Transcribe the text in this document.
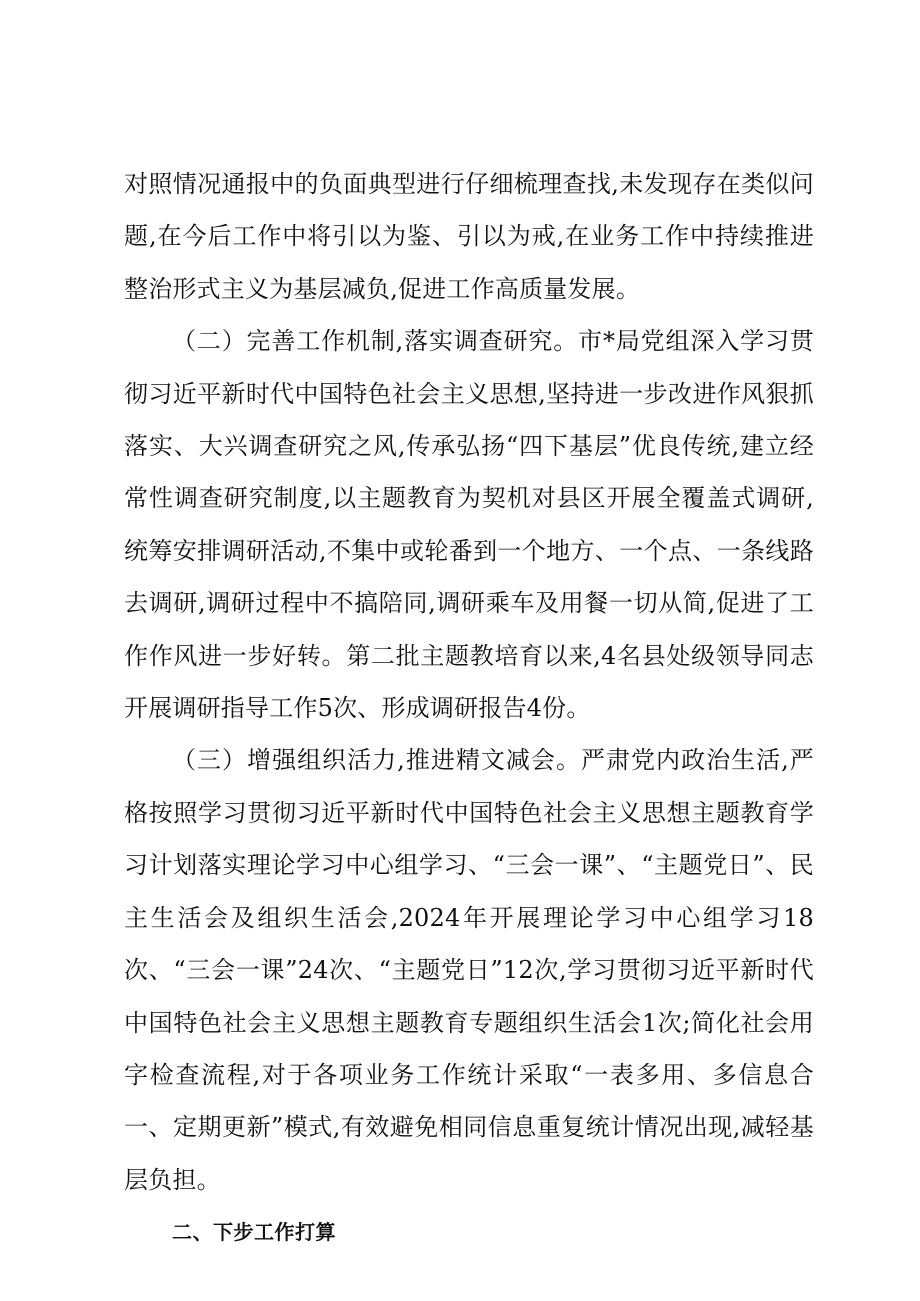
对照情况通报中的负面典型进行仔细梳理查找,未发现存在类似问题,在今后工作中将引以为鉴、引以为戒,在业务工作中持续推进整治形式主义为基层减负,促进工作高质量发展。

（二）完善工作机制,落实调查研究。市*局党组深入学习贯彻习近平新时代中国特色社会主义思想,坚持进一步改进作风狠抓落实、大兴调查研究之风,传承弘扬“四下基层”优良传统,建立经常性调查研究制度,以主题教育为契机对县区开展全覆盖式调研,统筹安排调研活动,不集中或轮番到一个地方、一个点、一条线路去调研,调研过程中不搞陪同,调研乘车及用餐一切从简,促进了工作作风进一步好转。第二批主题教培育以来,4名县处级领导同志开展调研指导工作5次、形成调研报告4份。

（三）增强组织活力,推进精文减会。严肃党内政治生活,严格按照学习贯彻习近平新时代中国特色社会主义思想主题教育学习计划落实理论学习中心组学习、“三会一课”、“主题党日”、民主生活会及组织生活会,2024年开展理论学习中心组学习18次、“三会一课”24次、“主题党日”12次,学习贯彻习近平新时代中国特色社会主义思想主题教育专题组织生活会1次;简化社会用字检查流程,对于各项业务工作统计采取“一表多用、多信息合一、定期更新”模式,有效避免相同信息重复统计情况出现,减轻基层负担。

二、下步工作打算
